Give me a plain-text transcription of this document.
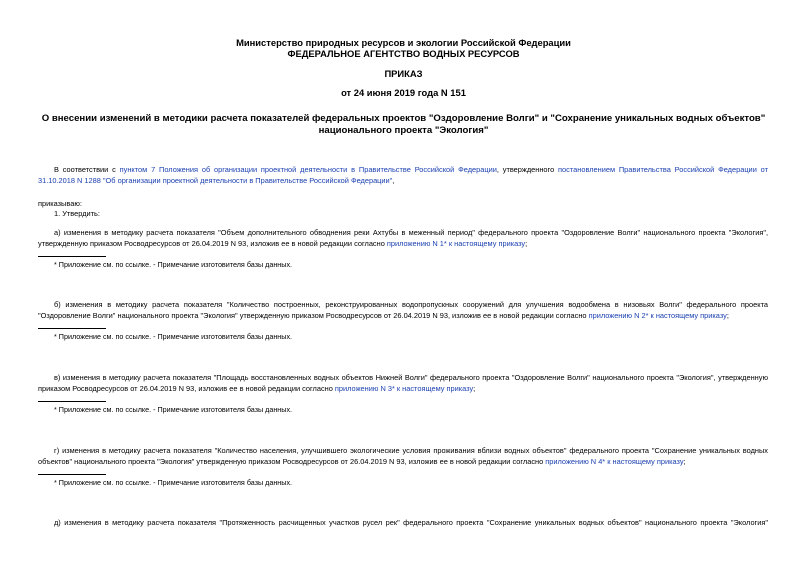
Министерство природных ресурсов и экологии Российской Федерации
ФЕДЕРАЛЬНОЕ АГЕНТСТВО ВОДНЫХ РЕСУРСОВ
ПРИКАЗ
от 24 июня 2019 года N 151
О внесении изменений в методики расчета показателей федеральных проектов "Оздоровление Волги" и "Сохранение уникальных водных объектов"
национального проекта "Экология"
В соответствии с пунктом 7 Положения об организации проектной деятельности в Правительстве Российской Федерации, утвержденного постановлением Правительства Российской Федерации от 31.10.2018 N 1288 "Об организации проектной деятельности в Правительстве Российской Федерации",
приказываю:
1. Утвердить:
а) изменения в методику расчета показателя "Объем дополнительного обводнения реки Ахтубы в меженный период" федерального проекта "Оздоровление Волги" национального проекта "Экология", утвержденную приказом Росводресурсов от 26.04.2019 N 93, изложив ее в новой редакции согласно приложению N 1* к настоящему приказу;
* Приложение см. по ссылке. - Примечание изготовителя базы данных.
б) изменения в методику расчета показателя "Количество построенных, реконструированных водопропускных сооружений для улучшения водообмена в низовьях Волги" федерального проекта "Оздоровление Волги" национального проекта "Экология" утвержденную приказом Росводресурсов от 26.04.2019 N 93, изложив ее в новой редакции согласно приложению N 2* к настоящему приказу;
* Приложение см. по ссылке. - Примечание изготовителя базы данных.
в) изменения в методику расчета показателя "Площадь восстановленных водных объектов Нижней Волги" федерального проекта "Оздоровление Волги" национального проекта "Экология", утвержденную приказом Росводресурсов от 26.04.2019 N 93, изложив ее в новой редакции согласно приложению N 3* к настоящему приказу;
* Приложение см. по ссылке. - Примечание изготовителя базы данных.
г) изменения в методику расчета показателя "Количество населения, улучшившего экологические условия проживания вблизи водных объектов" федерального проекта "Сохранение уникальных водных объектов" национального проекта "Экология" утвержденную приказом Росводресурсов от 26.04.2019 N 93, изложив ее в новой редакции согласно приложению N 4* к настоящему приказу;
* Приложение см. по ссылке. - Примечание изготовителя базы данных.
д) изменения в методику расчета показателя "Протяженность расчищенных участков русел рек" федерального проекта "Сохранение уникальных водных объектов" национального проекта "Экология"
